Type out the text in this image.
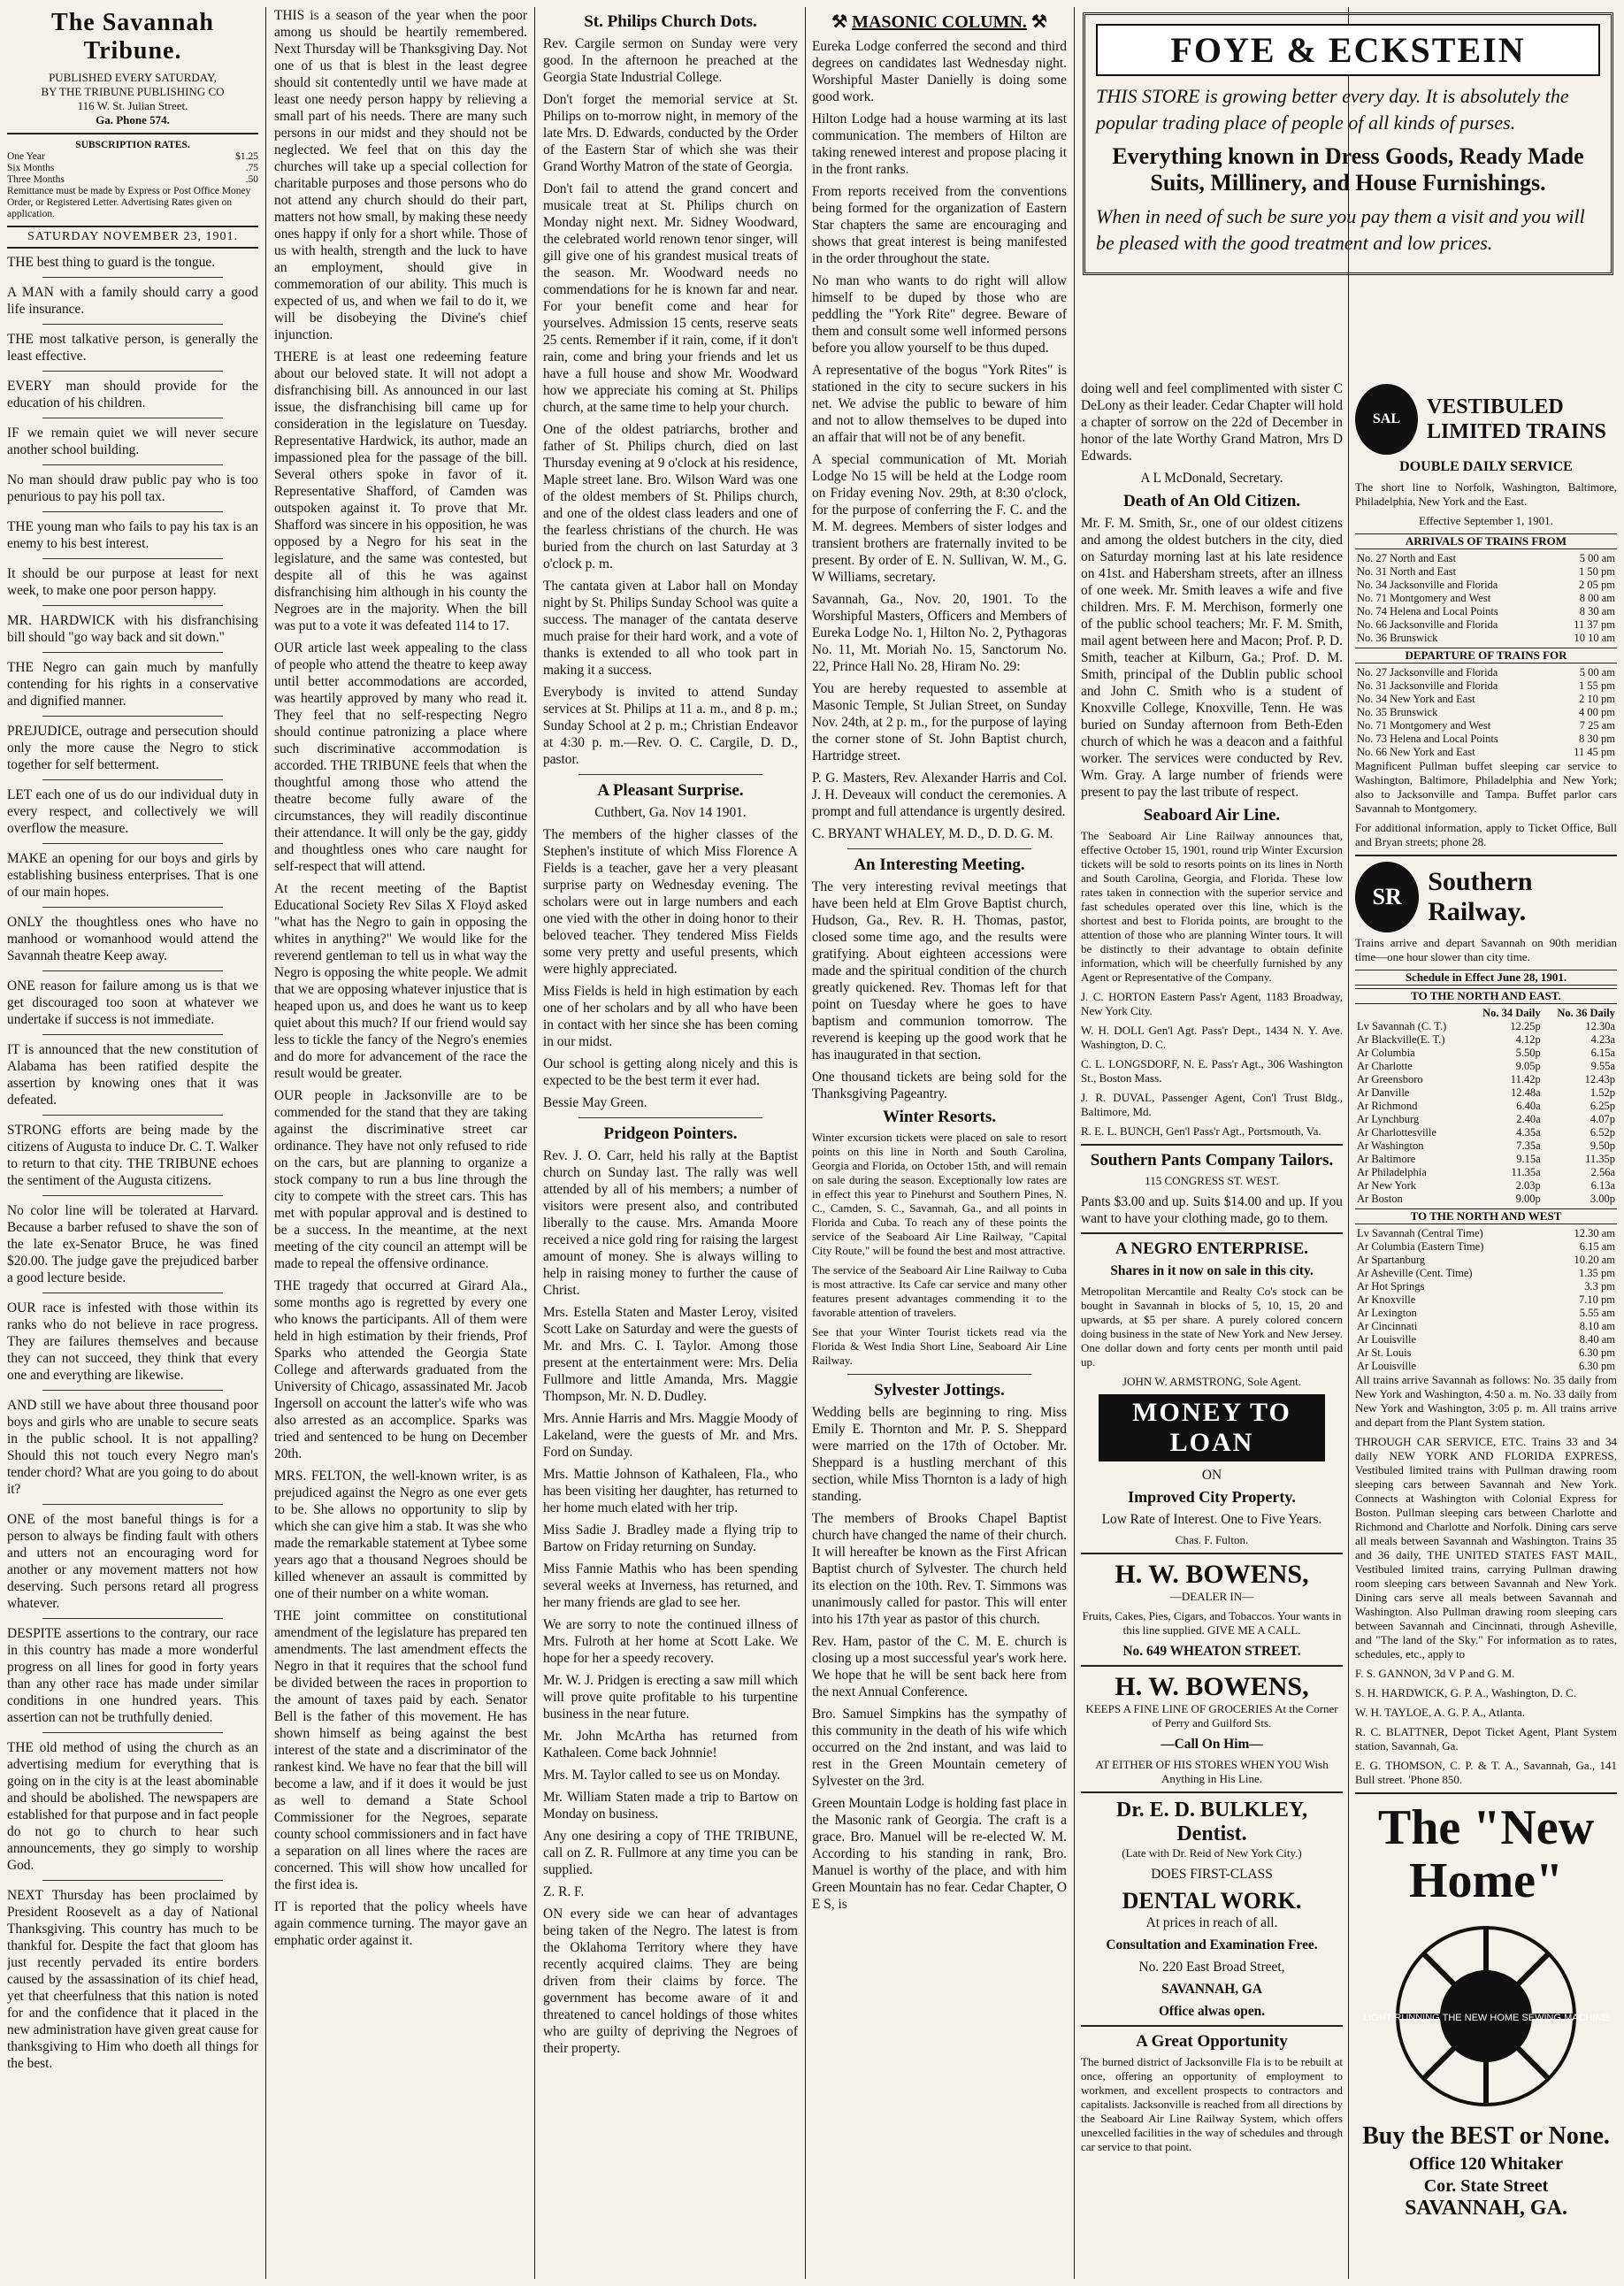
The Savannah Tribune.

PUBLISHED EVERY SATURDAY,

BY THE TRIBUNE PUBLISHING CO

116 W. St. Julian Street.

Ga. Phone 574.

SUBSCRIPTION RATES.
One Year	$1.25
Six Months	.75
Three Months	.50
Remittance must be made by Express or Post Office Money Order, or Registered Letter. Advertising Rates given on application.
SATURDAY NOVEMBER 23, 1901.

THE best thing to guard is the tongue.

A MAN with a family should carry a good life insurance.

THE most talkative person, is generally the least effective.

EVERY man should provide for the education of his children.

IF we remain quiet we will never secure another school building.

No man should draw public pay who is too penurious to pay his poll tax.

THE young man who fails to pay his tax is an enemy to his best interest.

It should be our purpose at least for next week, to make one poor person happy.

MR. HARDWICK with his disfranchising bill should "go way back and sit down."

THE Negro can gain much by manfully contending for his rights in a conservative and dignified manner.

PREJUDICE, outrage and persecution should only the more cause the Negro to stick together for self betterment.

LET each one of us do our individual duty in every respect, and collectively we will overflow the measure.

MAKE an opening for our boys and girls by establishing business enterprises. That is one of our main hopes.

ONLY the thoughtless ones who have no manhood or womanhood would attend the Savannah theatre Keep away.

ONE reason for failure among us is that we get discouraged too soon at whatever we undertake if success is not immediate.

IT is announced that the new constitution of Alabama has been ratified despite the assertion by knowing ones that it was defeated.

STRONG efforts are being made by the citizens of Augusta to induce Dr. C. T. Walker to return to that city. THE TRIBUNE echoes the sentiment of the Augusta citizens.

No color line will be tolerated at Harvard. Because a barber refused to shave the son of the late ex-Senator Bruce, he was fined $20.00. The judge gave the prejudiced barber a good lecture beside.

OUR race is infested with those within its ranks who do not believe in race progress. They are failures themselves and because they can not succeed, they think that every one and everything are likewise.

AND still we have about three thousand poor boys and girls who are unable to secure seats in the public school. It is not appalling? Should this not touch every Negro man's tender chord? What are you going to do about it?

ONE of the most baneful things is for a person to always be finding fault with others and utters not an encouraging word for another or any movement matters not how deserving. Such persons retard all progress whatever.

DESPITE assertions to the contrary, our race in this country has made a more wonderful progress on all lines for good in forty years than any other race has made under similar conditions in one hundred years. This assertion can not be truthfully denied.

THE old method of using the church as an advertising medium for everything that is going on in the city is at the least abominable and should be abolished. The newspapers are established for that purpose and in fact people do not go to church to hear such announcements, they go simply to worship God.

NEXT Thursday has been proclaimed by President Roosevelt as a day of National Thanksgiving. This country has much to be thankful for. Despite the fact that gloom has just recently pervaded its entire borders caused by the assassination of its chief head, yet that cheerfulness that this nation is noted for and the confidence that it placed in the new administration have given great cause for thanksgiving to Him who doeth all things for the best.

THIS is a season of the year when the poor among us should be heartily remembered. Next Thursday will be Thanksgiving Day. Not one of us that is blest in the least degree should sit contentedly until we have made at least one needy person happy by relieving a small part of his needs. There are many such persons in our midst and they should not be neglected. We feel that on this day the churches will take up a special collection for charitable purposes and those persons who do not attend any church should do their part, matters not how small, by making these needy ones happy if only for a short while. Those of us with health, strength and the luck to have an employment, should give in commemoration of our ability. This much is expected of us, and when we fail to do it, we will be disobeying the Divine's chief injunction.

THERE is at least one redeeming feature about our beloved state. It will not adopt a disfranchising bill. As announced in our last issue, the disfranchising bill came up for consideration in the legislature on Tuesday. Representative Hardwick, its author, made an impassioned plea for the passage of the bill. Several others spoke in favor of it. Representative Shafford, of Camden was outspoken against it. To prove that Mr. Shafford was sincere in his opposition, he was opposed by a Negro for his seat in the legislature, and the same was contested, but despite all of this he was against disfranchising him although in his county the Negroes are in the majority. When the bill was put to a vote it was defeated 114 to 17.

OUR article last week appealing to the class of people who attend the theatre to keep away until better accommodations are accorded, was heartily approved by many who read it. They feel that no self-respecting Negro should continue patronizing a place where such discriminative accommodation is accorded. THE TRIBUNE feels that when the thoughtful among those who attend the theatre become fully aware of the circumstances, they will readily discontinue their attendance. It will only be the gay, giddy and thoughtless ones who care naught for self-respect that will attend.

At the recent meeting of the Baptist Educational Society Rev Silas X Floyd asked "what has the Negro to gain in opposing the whites in anything?" We would like for the reverend gentleman to tell us in what way the Negro is opposing the white people. We admit that we are opposing whatever injustice that is heaped upon us, and does he want us to keep quiet about this much? If our friend would say less to tickle the fancy of the Negro's enemies and do more for advancement of the race the result would be greater.

OUR people in Jacksonville are to be commended for the stand that they are taking against the discriminative street car ordinance. They have not only refused to ride on the cars, but are planning to organize a stock company to run a bus line through the city to compete with the street cars. This has met with popular approval and is destined to be a success. In the meantime, at the next meeting of the city council an attempt will be made to repeal the offensive ordinance.

THE tragedy that occurred at Girard Ala., some months ago is regretted by every one who knows the participants. All of them were held in high estimation by their friends, Prof Sparks who attended the Georgia State College and afterwards graduated from the University of Chicago, assassinated Mr. Jacob Ingersoll on account the latter's wife who was also arrested as an accomplice. Sparks was tried and sentenced to be hung on December 20th.

MRS. FELTON, the well-known writer, is as prejudiced against the Negro as one ever gets to be. She allows no opportunity to slip by which she can give him a stab. It was she who made the remarkable statement at Tybee some years ago that a thousand Negroes should be killed whenever an assault is committed by one of their number on a white woman.

THE joint committee on constitutional amendment of the legislature has prepared ten amendments. The last amendment effects the Negro in that it requires that the school fund be divided between the races in proportion to the amount of taxes paid by each. Senator Bell is the father of this movement. He has shown himself as being against the best interest of the state and a discriminator of the rankest kind. We have no fear that the bill will become a law, and if it does it would be just as well to demand a State School Commissioner for the Negroes, separate county school commissioners and in fact have a separation on all lines where the races are concerned. This will show how uncalled for the first idea is.

IT is reported that the policy wheels have again commence turning. The mayor gave an emphatic order against it.

St. Philips Church Dots.

Rev. Cargile sermon on Sunday were very good. In the afternoon he preached at the Georgia State Industrial College.

Don't forget the memorial service at St. Philips on to-morrow night, in memory of the late Mrs. D. Edwards, conducted by the Order of the Eastern Star of which she was their Grand Worthy Matron of the state of Georgia.

Don't fail to attend the grand concert and musicale treat at St. Philips church on Monday night next. Mr. Sidney Woodward, the celebrated world renown tenor singer, will gill give one of his grandest musical treats of the season. Mr. Woodward needs no commendations for he is known far and near. For your benefit come and hear for yourselves. Admission 15 cents, reserve seats 25 cents. Remember if it rain, come, if it don't rain, come and bring your friends and let us have a full house and show Mr. Woodward how we appreciate his coming at St. Philips church, at the same time to help your church.

One of the oldest patriarchs, brother and father of St. Philips church, died on last Thursday evening at 9 o'clock at his residence, Maple street lane. Bro. Wilson Ward was one of the oldest members of St. Philips church, and one of the oldest class leaders and one of the fearless christians of the church. He was buried from the church on last Saturday at 3 o'clock p. m.

The cantata given at Labor hall on Monday night by St. Philips Sunday School was quite a success. The manager of the cantata deserve much praise for their hard work, and a vote of thanks is extended to all who took part in making it a success.

Everybody is invited to attend Sunday services at St. Philips at 11 a. m., and 8 p. m.; Sunday School at 2 p. m.; Christian Endeavor at 4:30 p. m.—Rev. O. C. Cargile, D. D., pastor.

A Pleasant Surprise.

Cuthbert, Ga. Nov 14 1901.

The members of the higher classes of the Stephen's institute of which Miss Florence A Fields is a teacher, gave her a very pleasant surprise party on Wednesday evening. The scholars were out in large numbers and each one vied with the other in doing honor to their beloved teacher. They tendered Miss Fields some very pretty and useful presents, which were highly appreciated.

Miss Fields is held in high estimation by each one of her scholars and by all who have been in contact with her since she has been coming in our midst.

Our school is getting along nicely and this is expected to be the best term it ever had.

Bessie May Green.

Pridgeon Pointers.

Rev. J. O. Carr, held his rally at the Baptist church on Sunday last. The rally was well attended by all of his members; a number of visitors were present also, and contributed liberally to the cause. Mrs. Amanda Moore received a nice gold ring for raising the largest amount of money. She is always willing to help in raising money to further the cause of Christ.

Mrs. Estella Staten and Master Leroy, visited Scott Lake on Saturday and were the guests of Mr. and Mrs. C. I. Taylor. Among those present at the entertainment were: Mrs. Delia Fullmore and little Amanda, Mrs. Maggie Thompson, Mr. N. D. Dudley.

Mrs. Annie Harris and Mrs. Maggie Moody of Lakeland, were the guests of Mr. and Mrs. Ford on Sunday.

Mrs. Mattie Johnson of Kathaleen, Fla., who has been visiting her daughter, has returned to her home much elated with her trip.

Miss Sadie J. Bradley made a flying trip to Bartow on Friday returning on Sunday.

Miss Fannie Mathis who has been spending several weeks at Inverness, has returned, and her many friends are glad to see her.

We are sorry to note the continued illness of Mrs. Fulroth at her home at Scott Lake. We hope for her a speedy recovery.

Mr. W. J. Pridgen is erecting a saw mill which will prove quite profitable to his turpentine business in the near future.

Mr. John McArtha has returned from Kathaleen. Come back Johnnie!

Mrs. M. Taylor called to see us on Monday.

Mr. William Staten made a trip to Bartow on Monday on business.

Any one desiring a copy of THE TRIBUNE, call on Z. R. Fullmore at any time you can be supplied.

Z. R. F.

ON every side we can hear of advantages being taken of the Negro. The latest is from the Oklahoma Territory where they have recently acquired claims. They are being driven from their claims by force. The government has become aware of it and threatened to cancel holdings of those whites who are guilty of depriving the Negroes of their property.

⚒ MASONIC COLUMN. ⚒

Eureka Lodge conferred the second and third degrees on candidates last Wednesday night. Worshipful Master Danielly is doing some good work.

Hilton Lodge had a house warming at its last communication. The members of Hilton are taking renewed interest and propose placing it in the front ranks.

From reports received from the conventions being formed for the organization of Eastern Star chapters the same are encouraging and shows that great interest is being manifested in the order throughout the state.

No man who wants to do right will allow himself to be duped by those who are peddling the "York Rite" degree. Beware of them and consult some well informed persons before you allow yourself to be thus duped.

A representative of the bogus "York Rites" is stationed in the city to secure suckers in his net. We advise the public to beware of him and not to allow themselves to be duped into an affair that will not be of any benefit.

A special communication of Mt. Moriah Lodge No 15 will be held at the Lodge room on Friday evening Nov. 29th, at 8:30 o'clock, for the purpose of conferring the F. C. and the M. M. degrees. Members of sister lodges and transient brothers are fraternally invited to be present. By order of E. N. Sullivan, W. M., G. W Williams, secretary.

Savannah, Ga., Nov. 20, 1901. To the Worshipful Masters, Officers and Members of Eureka Lodge No. 1, Hilton No. 2, Pythagoras No. 11, Mt. Moriah No. 15, Sanctorum No. 22, Prince Hall No. 28, Hiram No. 29:

You are hereby requested to assemble at Masonic Temple, St Julian Street, on Sunday Nov. 24th, at 2 p. m., for the purpose of laying the corner stone of St. John Baptist church, Hartridge street.

P. G. Masters, Rev. Alexander Harris and Col. J. H. Deveaux will conduct the ceremonies. A prompt and full attendance is urgently desired.

C. BRYANT WHALEY, M. D., D. D. G. M.

An Interesting Meeting.

The very interesting revival meetings that have been held at Elm Grove Baptist church, Hudson, Ga., Rev. R. H. Thomas, pastor, closed some time ago, and the results were gratifying. About eighteen accessions were made and the spiritual condition of the church greatly quickened. Rev. Thomas left for that point on Tuesday where he goes to have baptism and communion tomorrow. The reverend is keeping up the good work that he has inaugurated in that section.

One thousand tickets are being sold for the Thanksgiving Pageantry.

Winter Resorts.

Winter excursion tickets were placed on sale to resort points on this line in North and South Carolina, Georgia and Florida, on October 15th, and will remain on sale during the season. Exceptionally low rates are in effect this year to Pinehurst and Southern Pines, N. C., Camden, S. C., Savannah, Ga., and all points in Florida and Cuba. To reach any of these points the service of the Seaboard Air Line Railway, "Capital City Route," will be found the best and most attractive.

The service of the Seaboard Air Line Railway to Cuba is most attractive. Its Cafe car service and many other features present advantages commending it to the favorable attention of travelers.

See that your Winter Tourist tickets read via the Florida & West India Short Line, Seaboard Air Line Railway.

Sylvester Jottings.

Wedding bells are beginning to ring. Miss Emily E. Thornton and Mr. P. S. Sheppard were married on the 17th of October. Mr. Sheppard is a hustling merchant of this section, while Miss Thornton is a lady of high standing.

The members of Brooks Chapel Baptist church have changed the name of their church. It will hereafter be known as the First African Baptist church of Sylvester. The church held its election on the 10th. Rev. T. Simmons was unanimously called for pastor. This will enter into his 17th year as pastor of this church.

Rev. Ham, pastor of the C. M. E. church is closing up a most successful year's work here. We hope that he will be sent back here from the next Annual Conference.

Bro. Samuel Simpkins has the sympathy of this community in the death of his wife which occurred on the 2nd instant, and was laid to rest in the Green Mountain cemetery of Sylvester on the 3rd.

Green Mountain Lodge is holding fast place in the Masonic rank of Georgia. The craft is a grace. Bro. Manuel will be re-elected W. M. According to his standing in rank, Bro. Manuel is worthy of the place, and with him Green Mountain has no fear. Cedar Chapter, O E S, is

FOYE & ECKSTEIN
THIS STORE is growing better every day. It is absolutely the popular trading place of people of all kinds of purses.
Everything known in Dress Goods, Ready Made Suits, Millinery, and House Furnishings.
When in need of such be sure you pay them a visit and you will be pleased with the good treatment and low prices.

doing well and feel complimented with sister C DeLony as their leader. Cedar Chapter will hold a chapter of sorrow on the 22d of December in honor of the late Worthy Grand Matron, Mrs D Edwards.

A L McDonald, Secretary.

Death of An Old Citizen.

Mr. F. M. Smith, Sr., one of our oldest citizens and among the oldest butchers in the city, died on Saturday morning last at his late residence on 41st. and Habersham streets, after an illness of one week. Mr. Smith leaves a wife and five children. Mrs. F. M. Merchison, formerly one of the public school teachers; Mr. F. M. Smith, mail agent between here and Macon; Prof. P. D. Smith, teacher at Kilburn, Ga.; Prof. D. M. Smith, principal of the Dublin public school and John C. Smith who is a student of Knoxville College, Knoxville, Tenn. He was buried on Sunday afternoon from Beth-Eden church of which he was a deacon and a faithful worker. The services were conducted by Rev. Wm. Gray. A large number of friends were present to pay the last tribute of respect.

Seaboard Air Line.

The Seaboard Air Line Railway announces that, effective October 15, 1901, round trip Winter Excursion tickets will be sold to resorts points on its lines in North and South Carolina, Georgia, and Florida. These low rates taken in connection with the superior service and fast schedules operated over this line, which is the shortest and best to Florida points, are brought to the attention of those who are planning Winter tours. It will be distinctly to their advantage to obtain definite information, which will be cheerfully furnished by any Agent or Representative of the Company.

J. C. HORTON Eastern Pass'r Agent, 1183 Broadway, New York City.

W. H. DOLL Gen'l Agt. Pass'r Dept., 1434 N. Y. Ave. Washington, D. C.

C. L. LONGSDORF, N. E. Pass'r Agt., 306 Washington St., Boston Mass.

J. R. DUVAL, Passenger Agent, Con'l Trust Bldg., Baltimore, Md.

R. E. L. BUNCH, Gen'l Pass'r Agt., Portsmouth, Va.

Southern Pants Company Tailors.

115 CONGRESS ST. WEST.

Pants $3.00 and up. Suits $14.00 and up. If you want to have your clothing made, go to them.

A NEGRO ENTERPRISE.

Shares in it now on sale in this city.

Metropolitan Mercantile and Realty Co's stock can be bought in Savannah in blocks of 5, 10, 15, 20 and upwards, at $5 per share. A purely colored concern doing business in the state of New York and New Jersey. One dollar down and forty cents per month until paid up.

JOHN W. ARMSTRONG, Sole Agent.

MONEY TO LOAN

ON

Improved City Property.

Low Rate of Interest. One to Five Years.

Chas. F. Fulton.

H. W. BOWENS,

—DEALER IN—

Fruits, Cakes, Pies, Cigars, and Tobaccos. Your wants in this line supplied. GIVE ME A CALL.

No. 649 WHEATON STREET.

H. W. BOWENS,

KEEPS A FINE LINE OF GROCERIES At the Corner of Perry and Guilford Sts.

—Call On Him—

AT EITHER OF HIS STORES WHEN YOU Wish Anything in His Line.

Dr. E. D. BULKLEY, Dentist.

(Late with Dr. Reid of New York City.)

DOES FIRST-CLASS

DENTAL WORK.

At prices in reach of all.

Consultation and Examination Free.

No. 220 East Broad Street,

SAVANNAH, GA

Office alwas open.

A Great Opportunity

The burned district of Jacksonville Fla is to be rebuilt at once, offering an opportunity of employment to workmen, and excellent prospects to contractors and capitalists. Jacksonville is reached from all directions by the Seaboard Air Line Railway System, which offers unexcelled facilities in the way of schedules and through car service to that point.

SAL
VESTIBULED LIMITED TRAINS

DOUBLE DAILY SERVICE

The short line to Norfolk, Washington, Baltimore, Philadelphia, New York and the East.

Effective September 1, 1901.

ARRIVALS OF TRAINS FROM
No. 27 North and East	5 00 am
No. 31 North and East	1 50 pm
No. 34 Jacksonville and Florida	2 05 pm
No. 71 Montgomery and West	8 00 am
No. 74 Helena and Local Points	8 30 am
No. 66 Jacksonville and Florida	11 37 pm
No. 36 Brunswick	10 10 am
DEPARTURE OF TRAINS FOR
No. 27 Jacksonville and Florida	5 00 am
No. 31 Jacksonville and Florida	1 55 pm
No. 34 New York and East	2 10 pm
No. 35 Brunswick	4 00 pm
No. 71 Montgomery and West	7 25 am
No. 73 Helena and Local Points	8 30 pm
No. 66 New York and East	11 45 pm

Magnificent Pullman buffet sleeping car service to Washington, Baltimore, Philadelphia and New York; also to Jacksonville and Tampa. Buffet parlor cars Savannah to Montgomery.

For additional information, apply to Ticket Office, Bull and Bryan streets; phone 28.

SR
Southern Railway.

Trains arrive and depart Savannah on 90th meridian time—one hour slower than city time.

Schedule in Effect June 28, 1901.
TO THE NORTH AND EAST.
	No. 34 Daily	No. 36 Daily
Lv Savannah (C. T.)	12.25p	12.30a
Ar Blackville(E. T.)	4.12p	4.23a
Ar Columbia	5.50p	6.15a
Ar Charlotte	9.05p	9.55a
Ar Greensboro	11.42p	12.43p
Ar Danville	12.48a	1.52p
Ar Richmond	6.40a	6.25p
Ar Lynchburg	2.40a	4.07p
Ar Charlottesville	4.35a	6.52p
Ar Washington	7.35a	9.50p
Ar Baltimore	9.15a	11.35p
Ar Philadelphia	11.35a	2.56a
Ar New York	2.03p	6.13a
Ar Boston	9.00p	3.00p
TO THE NORTH AND WEST
Lv Savannah (Central Time)	12.30 am
Ar Columbia (Eastern Time)	6.15 am
Ar Spartanburg	10.20 am
Ar Asheville (Cent. Time)	1.35 pm
Ar Hot Springs	3.3 pm
Ar Knoxville	7.10 pm
Ar Lexington	5.55 am
Ar Cincinnati	8.10 am
Ar Louisville	8.40 am
Ar St. Louis	6.30 pm
Ar Louisville	6.30 pm

All trains arrive Savannah as follows: No. 35 daily from New York and Washington, 4:50 a. m. No. 33 daily from New York and Washington, 3:05 p. m. All trains arrive and depart from the Plant System station.

THROUGH CAR SERVICE, ETC. Trains 33 and 34 daily NEW YORK AND FLORIDA EXPRESS, Vestibuled limited trains with Pullman drawing room sleeping cars between Savannah and New York. Connects at Washington with Colonial Express for Boston. Pullman sleeping cars between Charlotte and Richmond and Charlotte and Norfolk. Dining cars serve all meals between Savannah and Washington. Trains 35 and 36 daily, THE UNITED STATES FAST MAIL, Vestibuled limited trains, carrying Pullman drawing room sleeping cars between Savannah and New York. Dining cars serve all meals between Savannah and Washington. Also Pullman drawing room sleeping cars between Savannah and Cincinnati, through Asheville, and "The land of the Sky." For information as to rates, schedules, etc., apply to

F. S. GANNON, 3d V P and G. M.

S. H. HARDWICK, G. P. A., Washington, D. C.

W. H. TAYLOE, A. G. P. A., Atlanta.

R. C. BLATTNER, Depot Ticket Agent, Plant System station, Savannah, Ga.

E. G. THOMSON, C. P. & T. A., Savannah, Ga., 141 Bull street. 'Phone 850.

The "New Home"
LIGHT RUNNING THE NEW HOME SEWING MACHINE

Buy the BEST or None.

Office 120 Whitaker

Cor. State Street

SAVANNAH, GA.
